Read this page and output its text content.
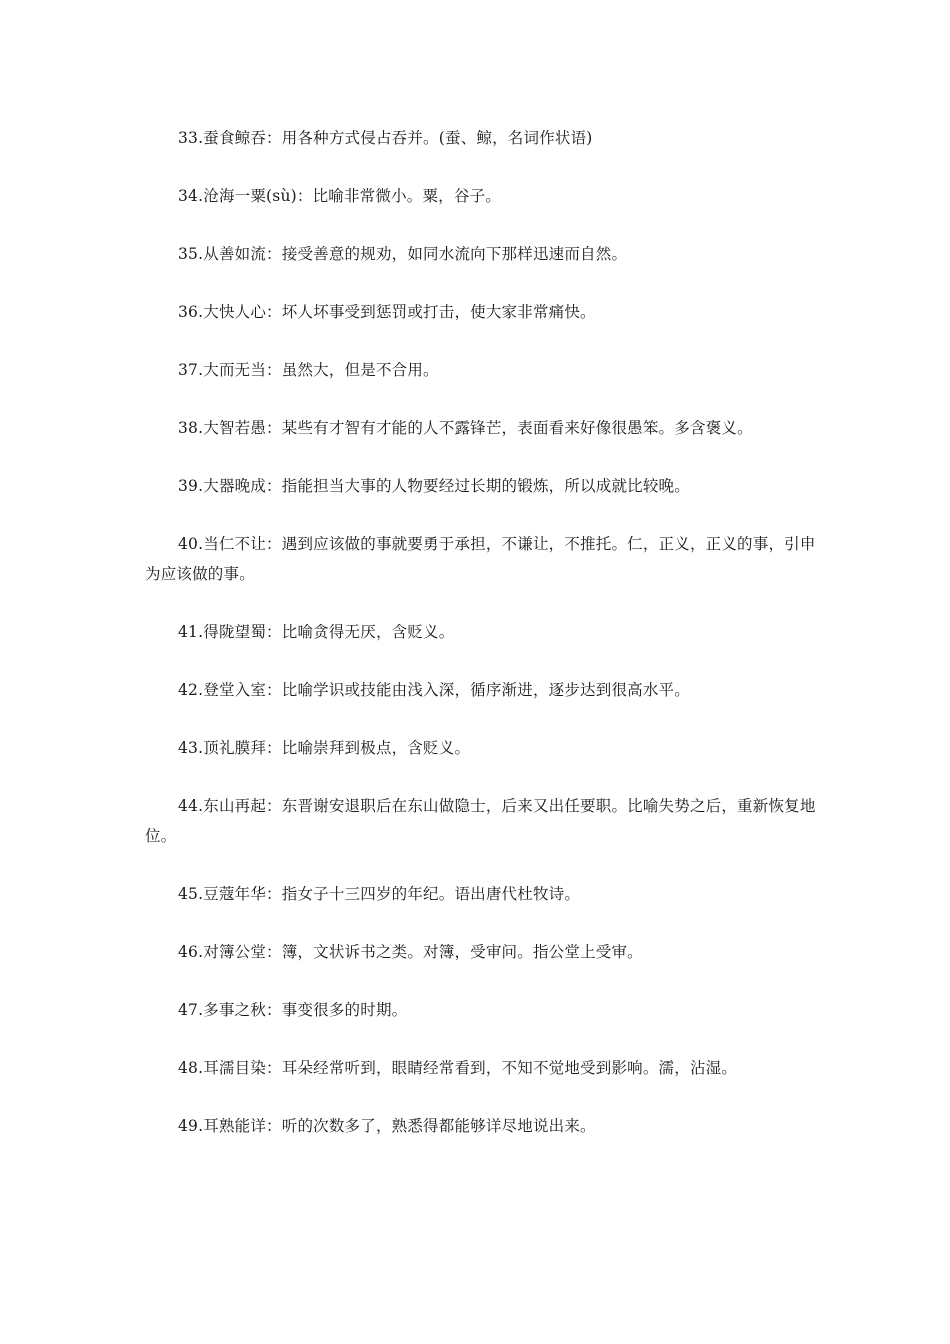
33.蚕食鲸吞：用各种方式侵占吞并。(蚕、鲸，名词作状语)
34.沧海一粟(sù)：比喻非常微小。粟，谷子。
35.从善如流：接受善意的规劝，如同水流向下那样迅速而自然。
36.大快人心：坏人坏事受到惩罚或打击，使大家非常痛快。
37.大而无当：虽然大，但是不合用。
38.大智若愚：某些有才智有才能的人不露锋芒，表面看来好像很愚笨。多含褒义。
39.大器晚成：指能担当大事的人物要经过长期的锻炼，所以成就比较晚。
40.当仁不让：遇到应该做的事就要勇于承担，不谦让，不推托。仁，正义，正义的事，引申为应该做的事。
41.得陇望蜀：比喻贪得无厌，含贬义。
42.登堂入室：比喻学识或技能由浅入深，循序渐进，逐步达到很高水平。
43.顶礼膜拜：比喻崇拜到极点，含贬义。
44.东山再起：东晋谢安退职后在东山做隐士，后来又出任要职。比喻失势之后，重新恢复地位。
45.豆蔻年华：指女子十三四岁的年纪。语出唐代杜牧诗。
46.对簿公堂：簿，文状诉书之类。对簿，受审问。指公堂上受审。
47.多事之秋：事变很多的时期。
48.耳濡目染：耳朵经常听到，眼睛经常看到，不知不觉地受到影响。濡，沾湿。
49.耳熟能详：听的次数多了，熟悉得都能够详尽地说出来。
